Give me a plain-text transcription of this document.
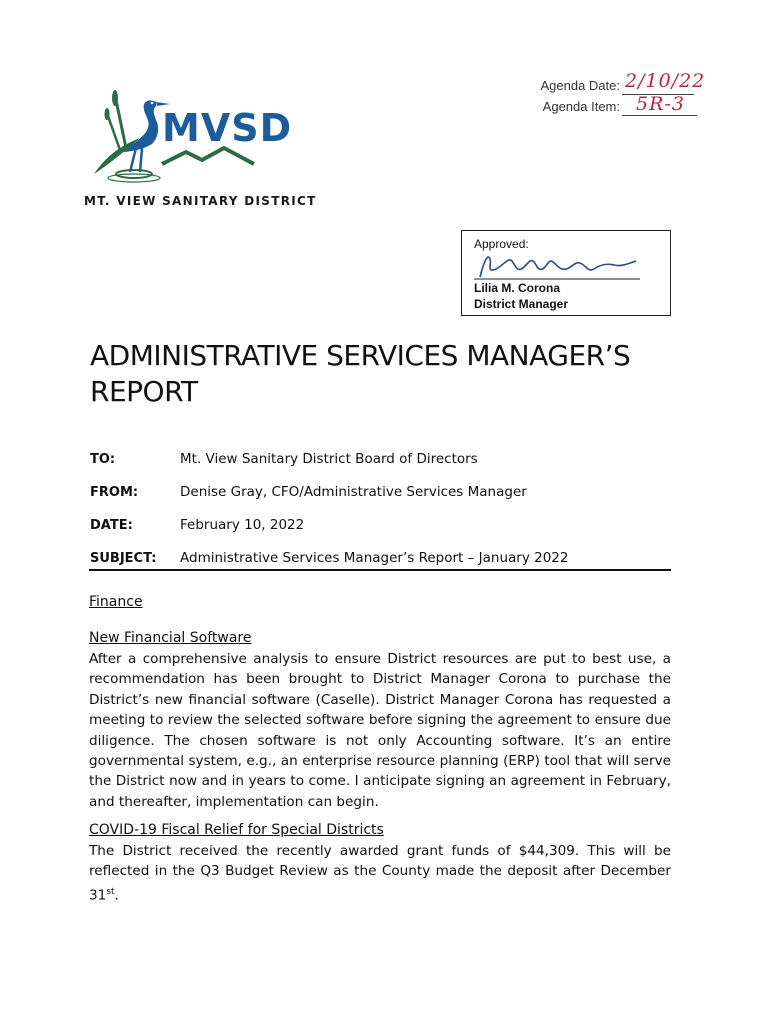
Agenda Date: 2/10/22
Agenda Item: 5R-3
MVSD
MT. VIEW SANITARY DISTRICT
Approved:
Lilia M. Corona
District Manager
ADMINISTRATIVE SERVICES MANAGER’S
REPORT
TO:	Mt. View Sanitary District Board of Directors
FROM:	Denise Gray, CFO/Administrative Services Manager
DATE:	February 10, 2022
SUBJECT: Administrative Services Manager’s Report – January 2022
Finance
New Financial Software
After a comprehensive analysis to ensure District resources are put to best use, a recommendation has been brought to District Manager Corona to purchase the District’s new financial software (Caselle). District Manager Corona has requested a meeting to review the selected software before signing the agreement to ensure due diligence. The chosen software is not only Accounting software. It’s an entire governmental system, e.g., an enterprise resource planning (ERP) tool that will serve the District now and in years to come. I anticipate signing an agreement in February, and thereafter, implementation can begin.
COVID-19 Fiscal Relief for Special Districts
The District received the recently awarded grant funds of $44,309. This will be reflected in the Q3 Budget Review as the County made the deposit after December 31st.
